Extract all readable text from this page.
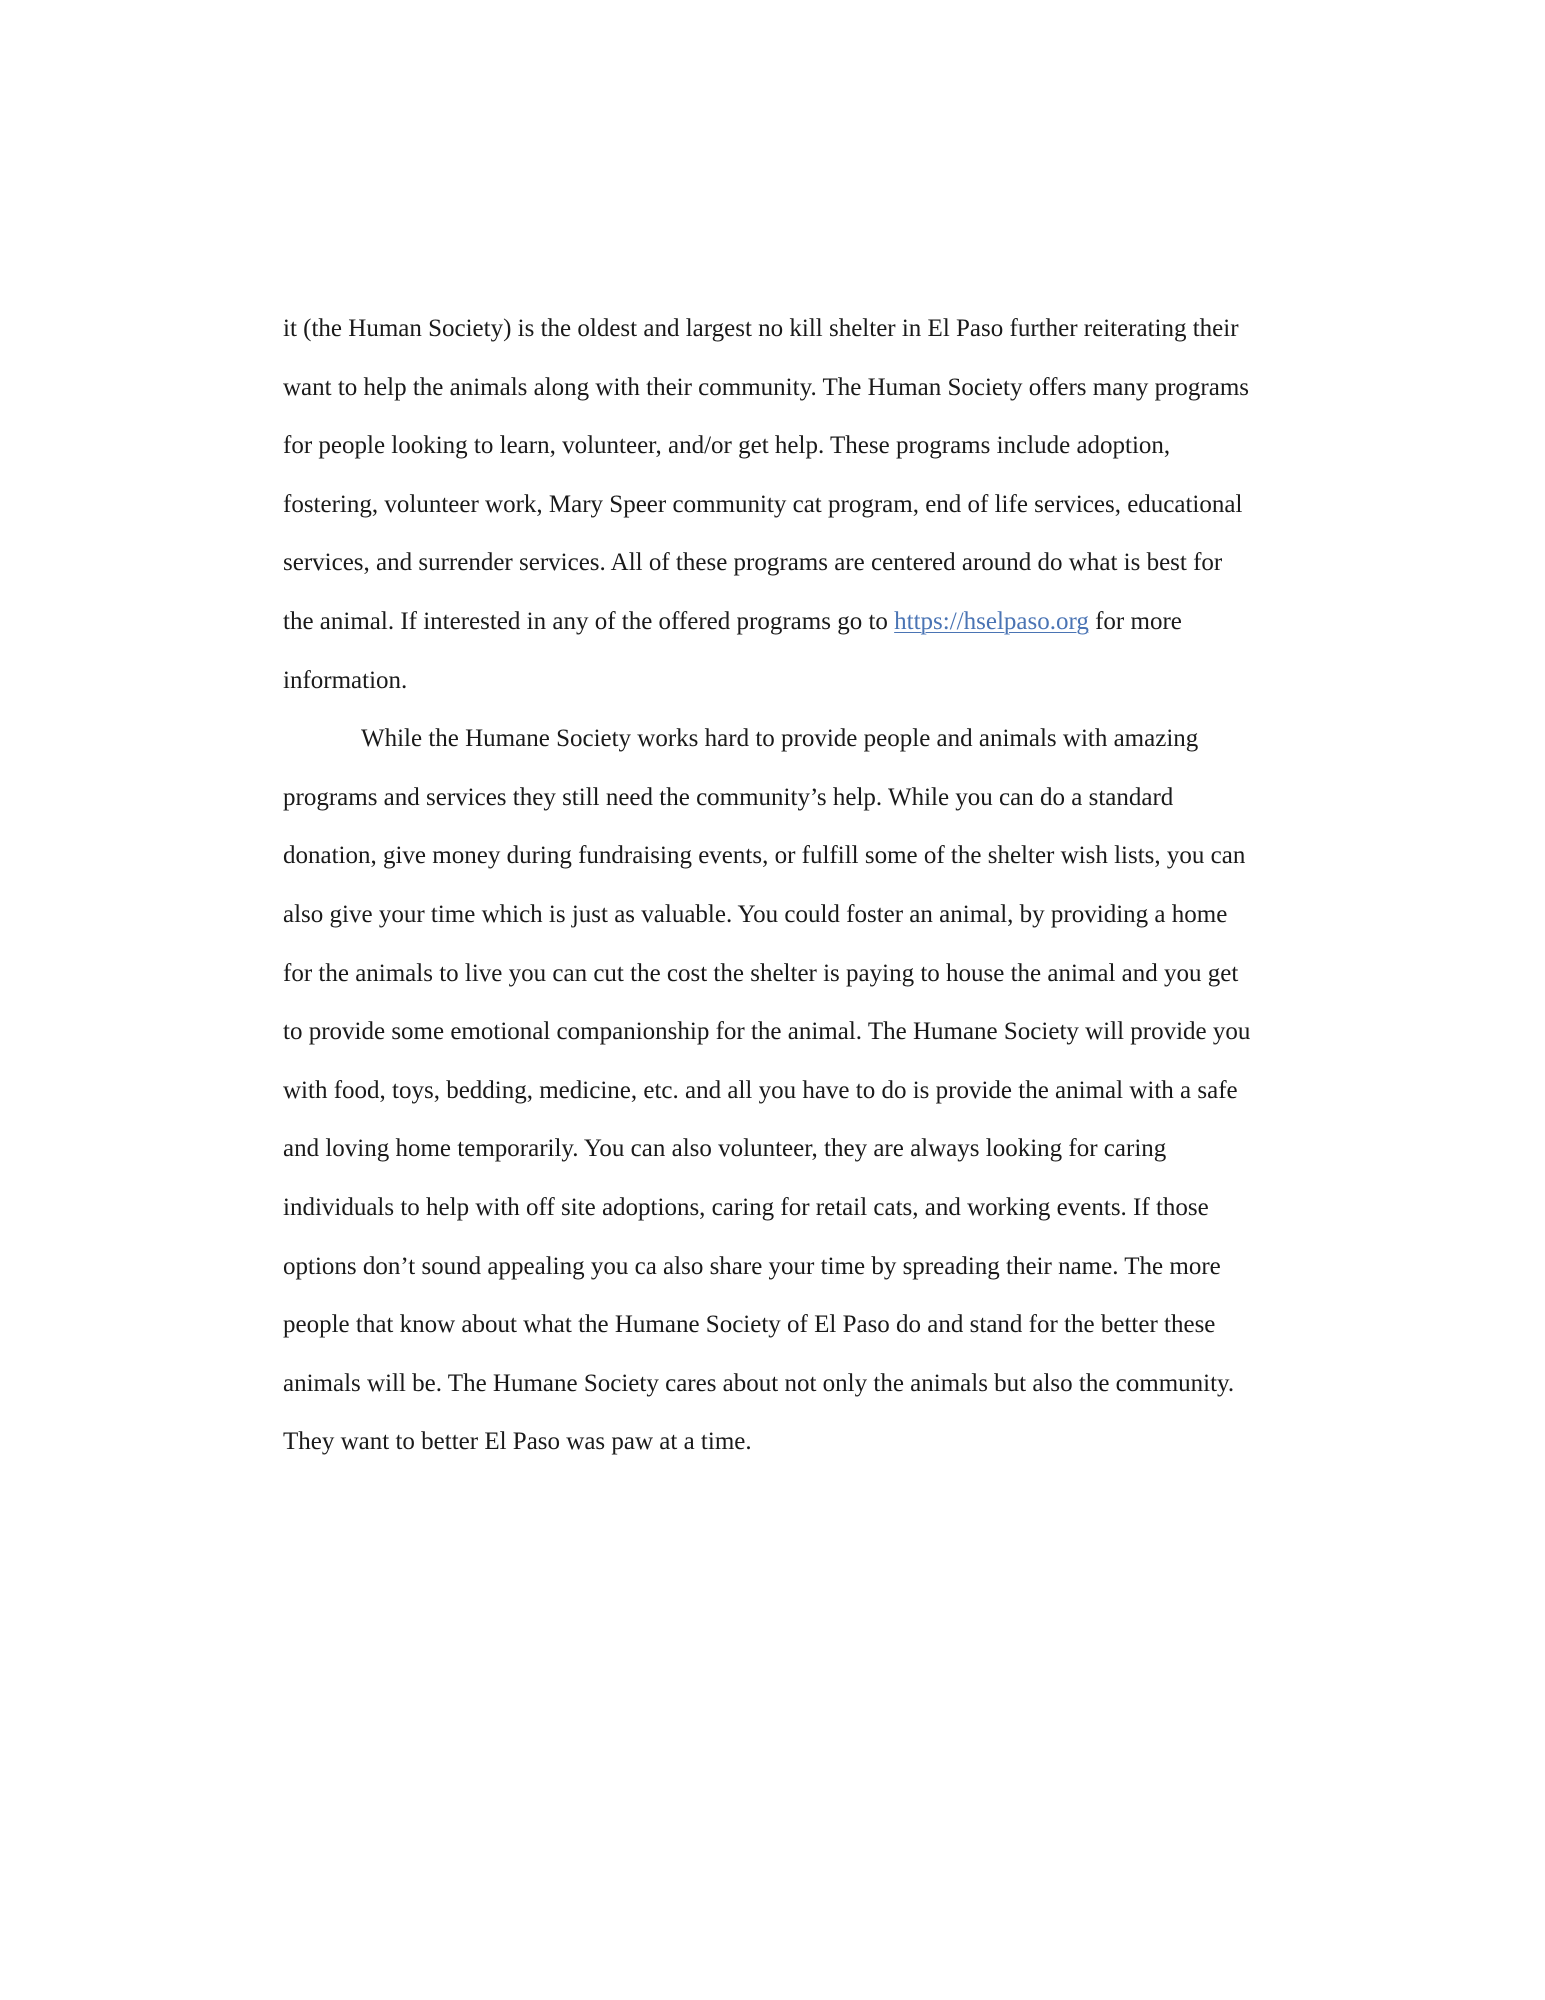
it (the Human Society) is the oldest and largest no kill shelter in El Paso further reiterating their
want to help the animals along with their community. The Human Society offers many programs
for people looking to learn, volunteer, and/or get help. These programs include adoption,
fostering, volunteer work, Mary Speer community cat program, end of life services, educational
services, and surrender services. All of these programs are centered around do what is best for
the animal. If interested in any of the offered programs go to https://hselpaso.org for more
information.
While the Humane Society works hard to provide people and animals with amazing
programs and services they still need the community’s help. While you can do a standard
donation, give money during fundraising events, or fulfill some of the shelter wish lists, you can
also give your time which is just as valuable. You could foster an animal, by providing a home
for the animals to live you can cut the cost the shelter is paying to house the animal and you get
to provide some emotional companionship for the animal. The Humane Society will provide you
with food, toys, bedding, medicine, etc. and all you have to do is provide the animal with a safe
and loving home temporarily. You can also volunteer, they are always looking for caring
individuals to help with off site adoptions, caring for retail cats, and working events. If those
options don’t sound appealing you ca also share your time by spreading their name. The more
people that know about what the Humane Society of El Paso do and stand for the better these
animals will be. The Humane Society cares about not only the animals but also the community.
They want to better El Paso was paw at a time.
